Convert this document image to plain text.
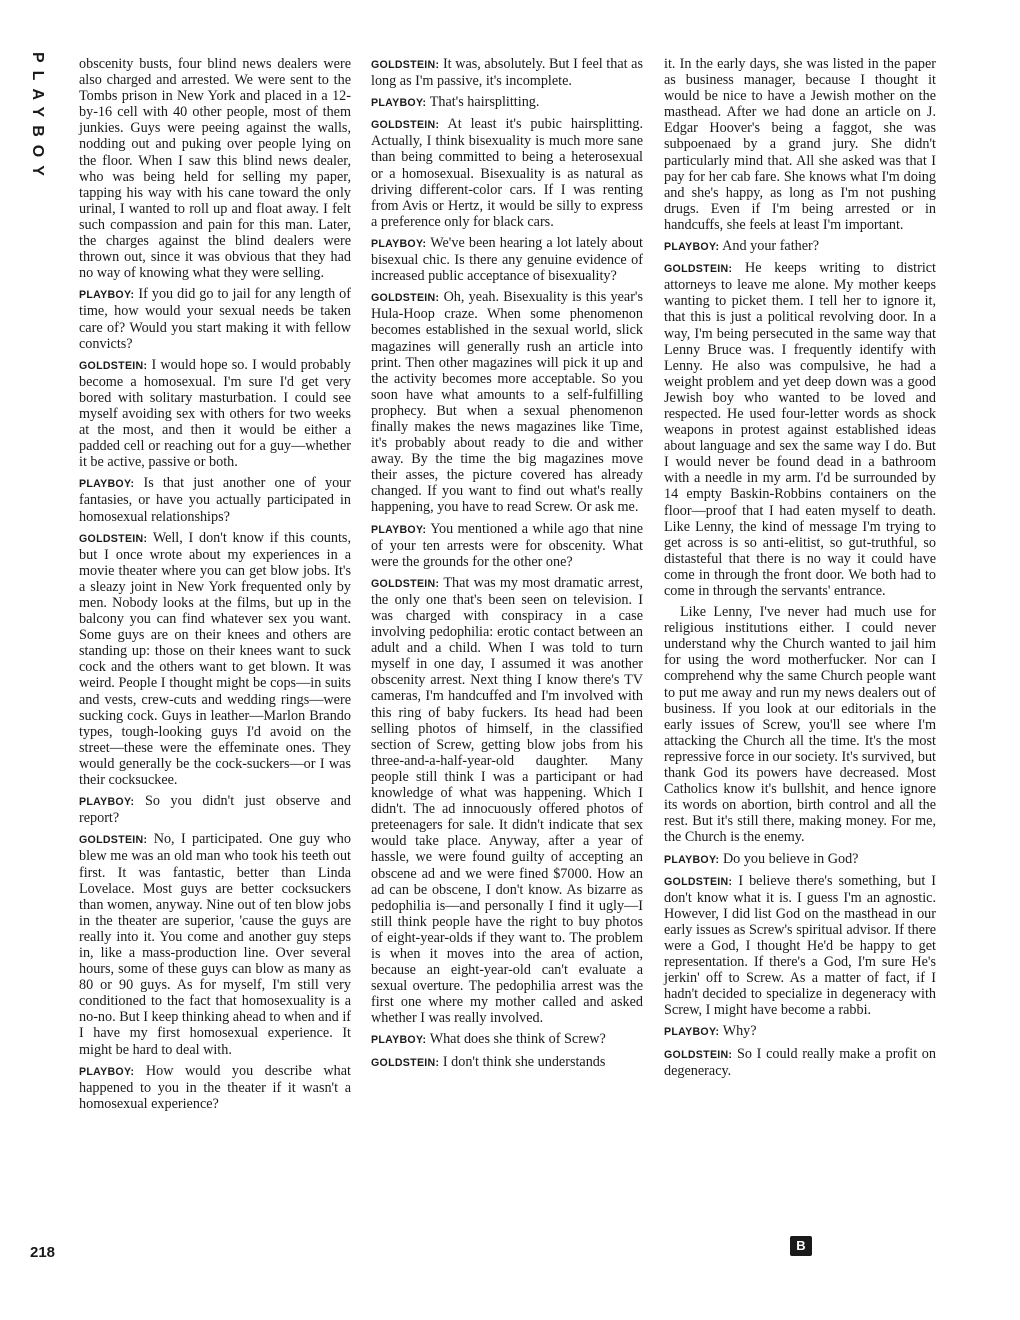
PLAYBOY obscenity busts, four blind news dealers were also charged and arrested. We were sent to the Tombs prison in New York and placed in a 12-by-16 cell with 40 other people, most of them junkies. Guys were peeing against the walls, nodding out and puking over people lying on the floor. When I saw this blind news dealer, who was being held for selling my paper, tapping his way with his cane toward the only urinal, I wanted to roll up and float away. I felt such compassion and pain for this man. Later, the charges against the blind dealers were thrown out, since it was obvious that they had no way of knowing what they were selling.

PLAYBOY: If you did go to jail for any length of time, how would your sexual needs be taken care of? Would you start making it with fellow convicts?

GOLDSTEIN: I would hope so. I would probably become a homosexual. I'm sure I'd get very bored with solitary masturbation. I could see myself avoiding sex with others for two weeks at the most, and then it would be either a padded cell or reaching out for a guy—whether it be active, passive or both.

PLAYBOY: Is that just another one of your fantasies, or have you actually participated in homosexual relationships?

GOLDSTEIN: Well, I don't know if this counts, but I once wrote about my experiences in a movie theater where you can get blow jobs. It's a sleazy joint in New York frequented only by men. Nobody looks at the films, but up in the balcony you can find whatever sex you want. Some guys are on their knees and others are standing up: those on their knees want to suck cock and the others want to get blown. It was weird. People I thought might be cops—in suits and vests, crew-cuts and wedding rings—were sucking cock. Guys in leather—Marlon Brando types, tough-looking guys I'd avoid on the street—these were the effeminate ones. They would generally be the cock-suckers—or I was their cocksuckee.

PLAYBOY: So you didn't just observe and report?

GOLDSTEIN: No, I participated. One guy who blew me was an old man who took his teeth out first. It was fantastic, better than Linda Lovelace. Most guys are better cocksuckers than women, anyway. Nine out of ten blow jobs in the theater are superior, 'cause the guys are really into it. You come and another guy steps in, like a mass-production line. Over several hours, some of these guys can blow as many as 80 or 90 guys. As for myself, I'm still very conditioned to the fact that homosexuality is a no-no. But I keep thinking ahead to when and if I have my first homosexual experience. It might be hard to deal with.

PLAYBOY: How would you describe what happened to you in the theater if it wasn't a homosexual experience?

GOLDSTEIN: It was, absolutely. But I feel that as long as I'm passive, it's incomplete.

PLAYBOY: That's hairsplitting.

GOLDSTEIN: At least it's pubic hairsplitting. Actually, I think bisexuality is much more sane than being committed to being a heterosexual or a homosexual. Bisexuality is as natural as driving different-color cars. If I was renting from Avis or Hertz, it would be silly to express a preference only for black cars.

PLAYBOY: We've been hearing a lot lately about bisexual chic. Is there any genuine evidence of increased public acceptance of bisexuality?

GOLDSTEIN: Oh, yeah. Bisexuality is this year's Hula-Hoop craze. When some phenomenon becomes established in the sexual world, slick magazines will generally rush an article into print. Then other magazines will pick it up and the activity becomes more acceptable. So you soon have what amounts to a self-fulfilling prophecy. But when a sexual phenomenon finally makes the news magazines like Time, it's probably about ready to die and wither away. By the time the big magazines move their asses, the picture covered has already changed. If you want to find out what's really happening, you have to read Screw. Or ask me.

PLAYBOY: You mentioned a while ago that nine of your ten arrests were for obscenity. What were the grounds for the other one?

GOLDSTEIN: That was my most dramatic arrest, the only one that's been seen on television. I was charged with conspiracy in a case involving pedophilia: erotic contact between an adult and a child. When I was told to turn myself in one day, I assumed it was another obscenity arrest. Next thing I know there's TV cameras, I'm handcuffed and I'm involved with this ring of baby fuckers. Its head had been selling photos of himself, in the classified section of Screw, getting blow jobs from his three-and-a-half-year-old daughter. Many people still think I was a participant or had knowledge of what was happening. Which I didn't. The ad innocuously offered photos of preteenagers for sale. It didn't indicate that sex would take place. Anyway, after a year of hassle, we were found guilty of accepting an obscene ad and we were fined $7000. How an ad can be obscene, I don't know. As bizarre as pedophilia is—and personally I find it ugly—I still think people have the right to buy photos of eight-year-olds if they want to. The problem is when it moves into the area of action, because an eight-year-old can't evaluate a sexual overture. The pedophilia arrest was the first one where my mother called and asked whether I was really involved.

PLAYBOY: What does she think of Screw?

GOLDSTEIN: I don't think she understands

it. In the early days, she was listed in the paper as business manager, because I thought it would be nice to have a Jewish mother on the masthead. After we had done an article on J. Edgar Hoover's being a faggot, she was subpoenaed by a grand jury. She didn't particularly mind that. All she asked was that I pay for her cab fare. She knows what I'm doing and she's happy, as long as I'm not pushing drugs. Even if I'm being arrested or in handcuffs, she feels at least I'm important.

PLAYBOY: And your father?

GOLDSTEIN: He keeps writing to district attorneys to leave me alone. My mother keeps wanting to picket them. I tell her to ignore it, that this is just a political revolving door. In a way, I'm being persecuted in the same way that Lenny Bruce was. I frequently identify with Lenny. He also was compulsive, he had a weight problem and yet deep down was a good Jewish boy who wanted to be loved and respected. He used four-letter words as shock weapons in protest against established ideas about language and sex the same way I do. But I would never be found dead in a bathroom with a needle in my arm. I'd be surrounded by 14 empty Baskin-Robbins containers on the floor—proof that I had eaten myself to death. Like Lenny, the kind of message I'm trying to get across is so anti-elitist, so gut-truthful, so distasteful that there is no way it could have come in through the front door. We both had to come in through the servants' entrance.

Like Lenny, I've never had much use for religious institutions either. I could never understand why the Church wanted to jail him for using the word motherfucker. Nor can I comprehend why the same Church people want to put me away and run my news dealers out of business. If you look at our editorials in the early issues of Screw, you'll see where I'm attacking the Church all the time. It's the most repressive force in our society. It's survived, but thank God its powers have decreased. Most Catholics know it's bullshit, and hence ignore its words on abortion, birth control and all the rest. But it's still there, making money. For me, the Church is the enemy.

PLAYBOY: Do you believe in God?

GOLDSTEIN: I believe there's something, but I don't know what it is. I guess I'm an agnostic. However, I did list God on the masthead in our early issues as Screw's spiritual advisor. If there were a God, I thought He'd be happy to get representation. If there's a God, I'm sure He's jerkin' off to Screw. As a matter of fact, if I hadn't decided to specialize in degeneracy with Screw, I might have become a rabbi.

PLAYBOY: Why?

GOLDSTEIN: So I could really make a profit on degeneracy.

218	B
